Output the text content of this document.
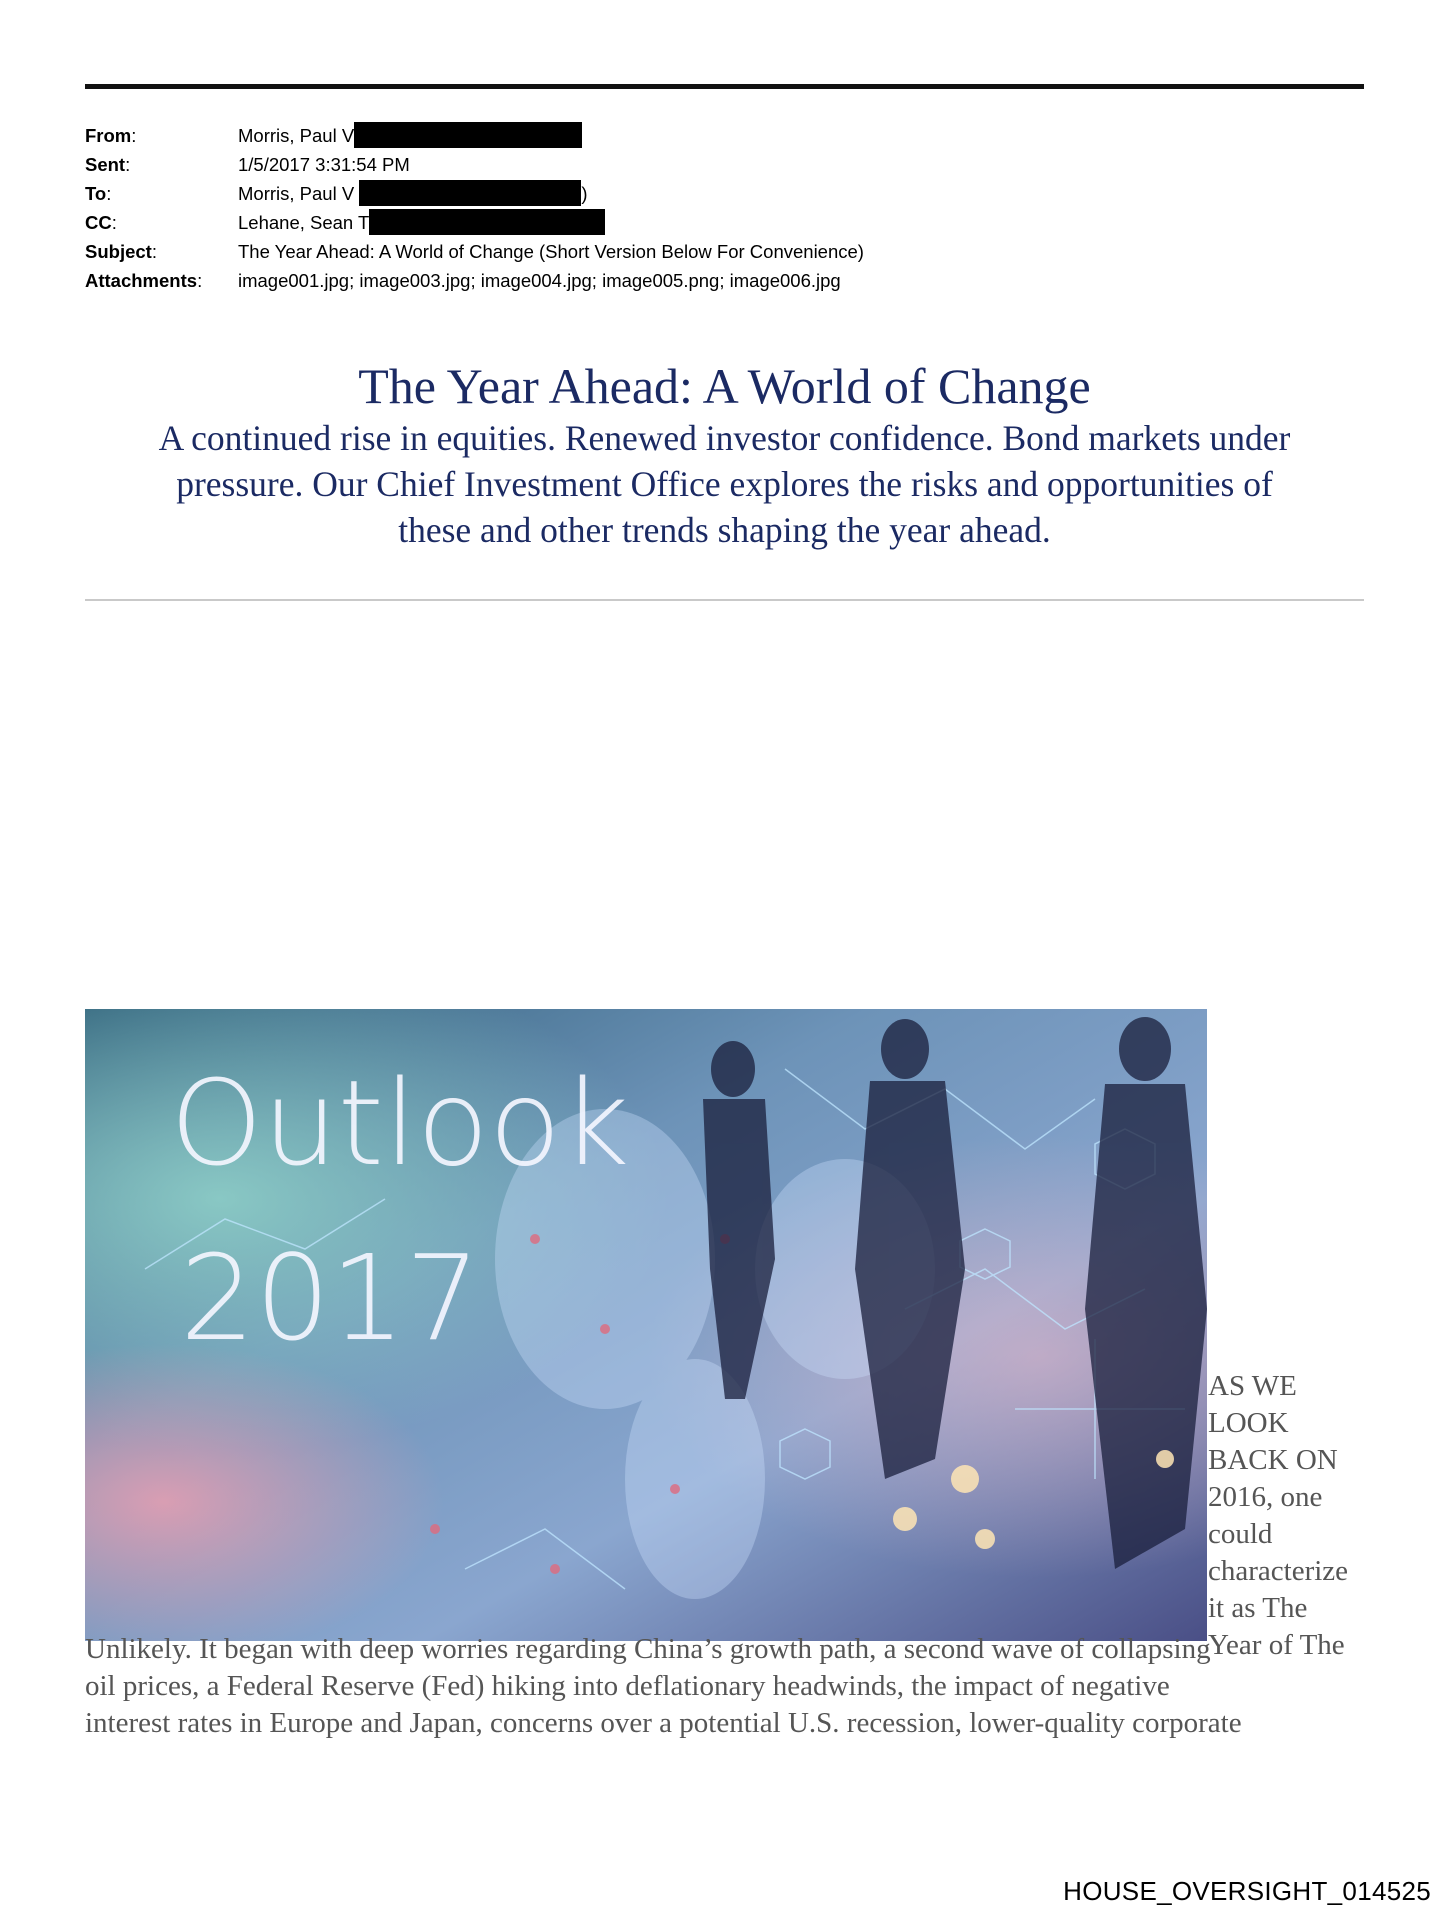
From:	Morris, Paul V
Sent:	1/5/2017 3:31:54 PM
To:	Morris, Paul V	)
CC:	Lehane, Sean T
Subject:	The Year Ahead: A World of Change (Short Version Below For Convenience)
Attachments:	image001.jpg; image003.jpg; image004.jpg; image005.png; image006.jpg
The Year Ahead: A World of Change
A continued rise in equities. Renewed investor confidence. Bond markets under
pressure. Our Chief Investment Office explores the risks and opportunities of
these and other trends shaping the year ahead.
Outlook
2017
AS WE
LOOK
BACK ON
2016, one
could
characterize
it as The
Year of The
Unlikely. It began with deep worries regarding China’s growth path, a second wave of collapsing
oil prices, a Federal Reserve (Fed) hiking into deflationary headwinds, the impact of negative
interest rates in Europe and Japan, concerns over a potential U.S. recession, lower-quality corporate
HOUSE_OVERSIGHT_014525
